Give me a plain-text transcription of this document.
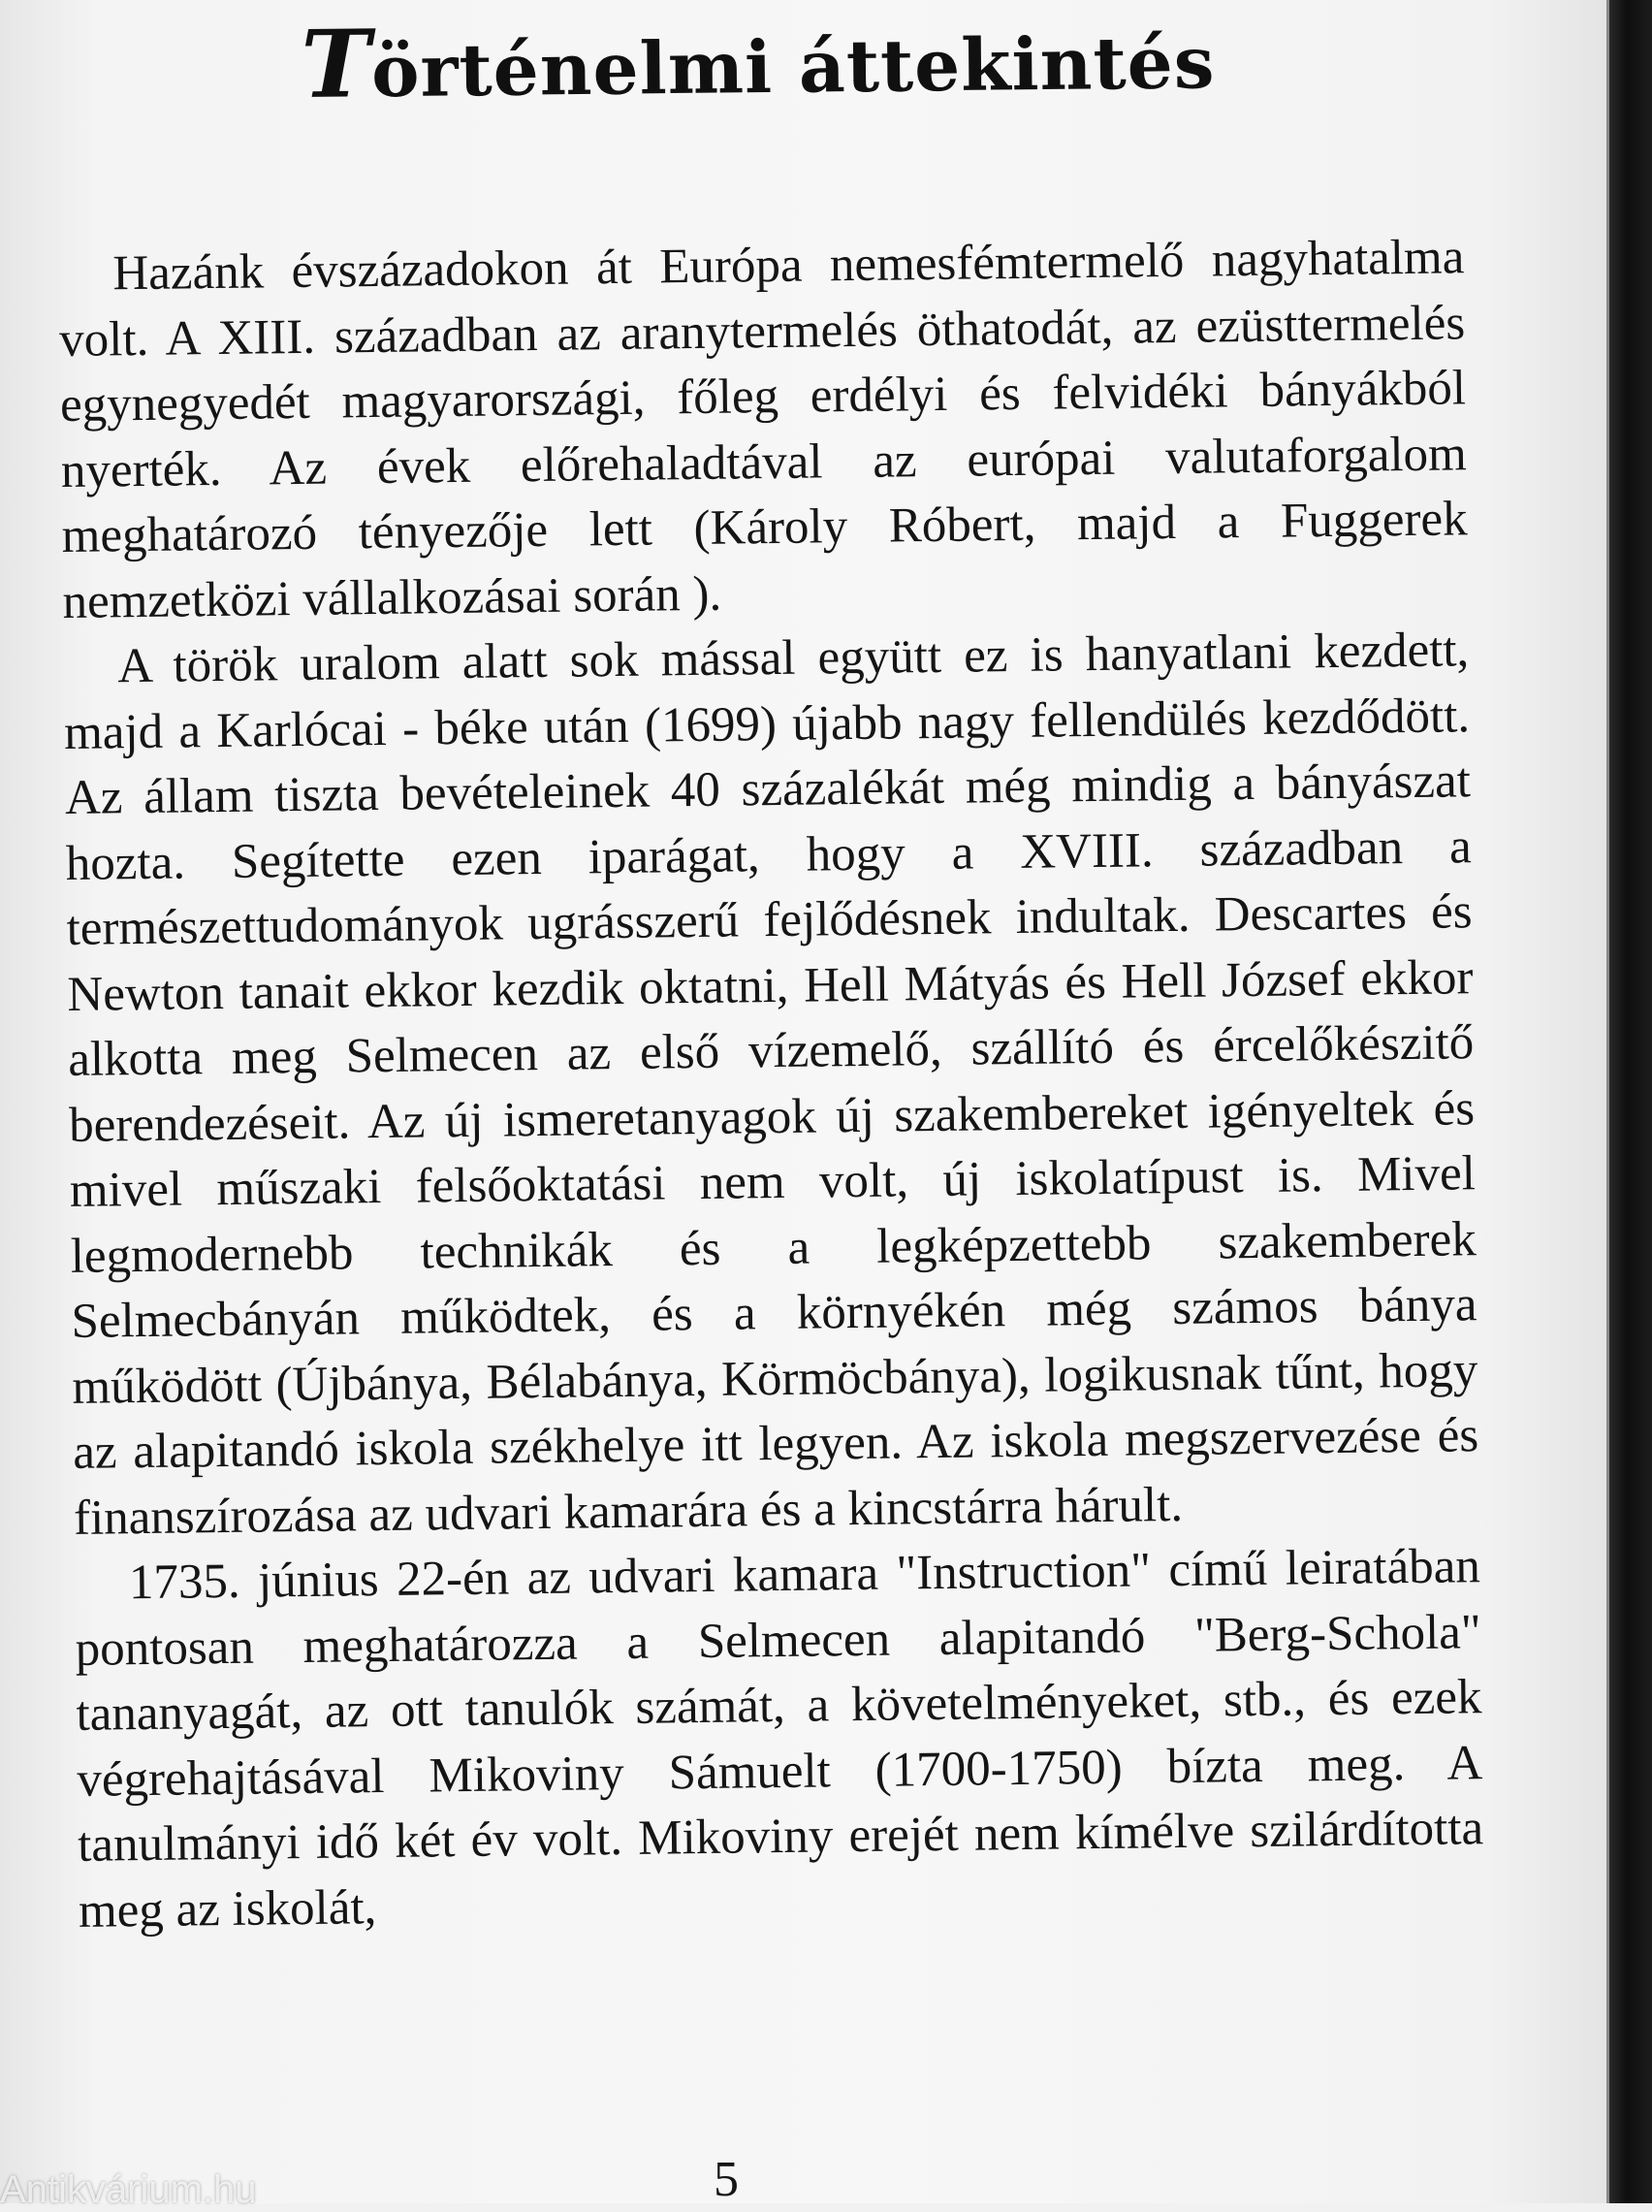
Történelmi áttekintés

Hazánk évszázadokon át Európa nemesfémtermelő nagyhatalma volt. A XIII. században az aranytermelés öthatodát, az ezüsttermelés egynegyedét magyarországi, főleg erdélyi és felvidéki bányákból nyerték. Az évek előrehaladtával az európai valutaforgalom meghatározó tényezője lett (Károly Róbert, majd a Fuggerek nemzetközi vállalkozásai során ).

A török uralom alatt sok mással együtt ez is hanyatlani kezdett, majd a Karlócai - béke után (1699) újabb nagy fellendülés kezdődött. Az állam tiszta bevételeinek 40 százalékát még mindig a bányászat hozta. Segítette ezen iparágat, hogy a XVIII. században a természettudományok ugrásszerű fejlődésnek indultak. Descartes és Newton tanait ekkor kezdik oktatni, Hell Mátyás és Hell József ekkor alkotta meg Selmecen az első vízemelő, szállító és ércelőkészitő berendezéseit. Az új ismeretanyagok új szakembereket igényeltek és mivel műszaki felsőoktatási nem volt, új iskolatípust is. Mivel legmodernebb technikák és a legképzettebb szakemberek Selmecbányán működtek, és a környékén még számos bánya működött (Újbánya, Bélabánya, Körmöcbánya), logikusnak tűnt, hogy az alapitandó iskola székhelye itt legyen. Az iskola megszervezése és finanszírozása az udvari kamarára és a kincstárra hárult.

1735. június 22-én az udvari kamara "Instruction" című leiratában pontosan meghatározza a Selmecen alapitandó "Berg-Schola" tananyagát, az ott tanulók számát, a követelményeket, stb., és ezek végrehajtásával Mikoviny Sámuelt (1700-1750) bízta meg. A tanulmányi idő két év volt. Mikoviny erejét nem kímélve szilárdította meg az iskolát,

5
Antikvárium.hu
